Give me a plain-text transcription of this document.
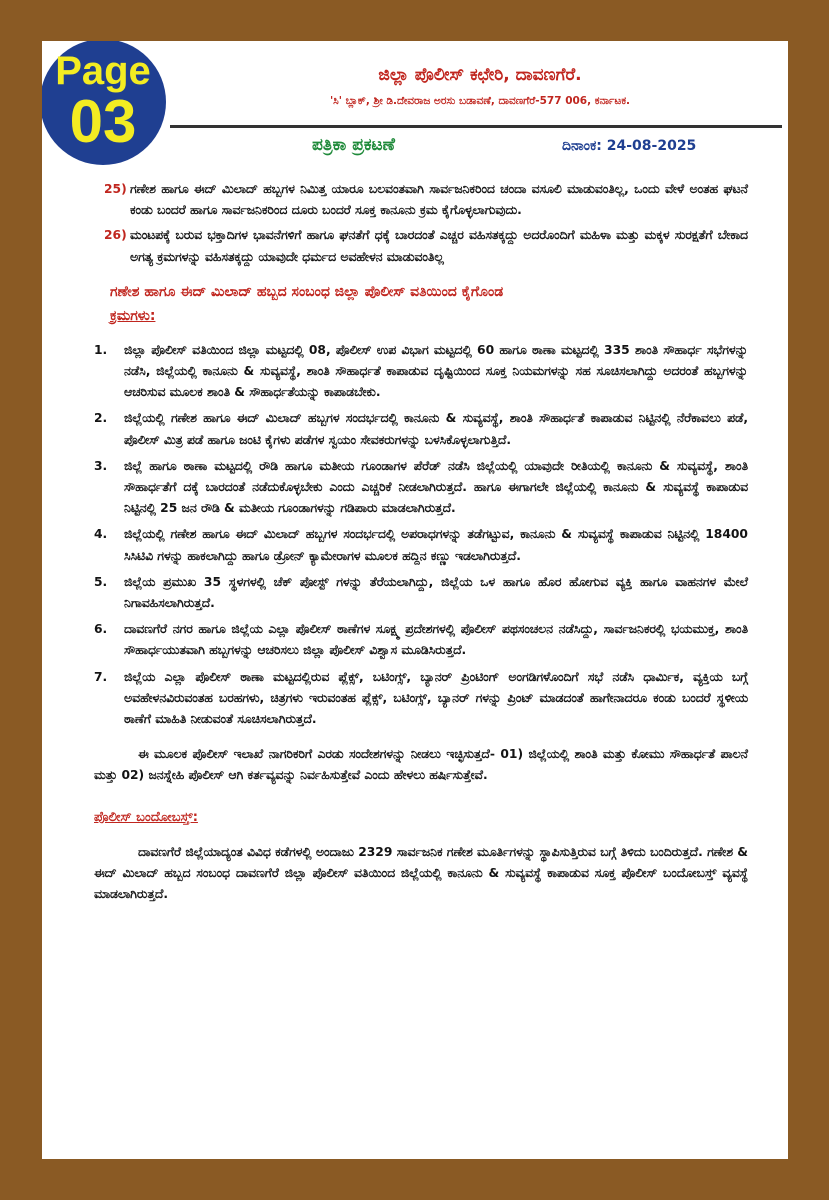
Page
03
ಜಿಲ್ಲಾ ಪೊಲೀಸ್ ಕಛೇರಿ, ದಾವಣಗೆರೆ.
'ಸಿ' ಬ್ಲಾಕ್, ಶ್ರೀ ಡಿ.ದೇವರಾಜ ಅರಸು ಬಡಾವಣೆ, ದಾವಣಗೆರೆ-577 006, ಕರ್ನಾಟಕ.
ಪತ್ರಿಕಾ ಪ್ರಕಟಣೆ	ದಿನಾಂಕ: 24-08-2025
25) ಗಣೇಶ ಹಾಗೂ ಈದ್ ಮಿಲಾದ್ ಹಬ್ಬಗಳ ನಿಮಿತ್ತ ಯಾರೂ ಬಲವಂತವಾಗಿ ಸಾರ್ವಜನಿಕರಿಂದ ಚಂದಾ ವಸೂಲಿ ಮಾಡುವಂತಿಲ್ಲ, ಒಂದು ವೇಳೆ ಅಂತಹ ಘಟನೆ ಕಂಡು ಬಂದರೆ ಹಾಗೂ ಸಾರ್ವಜನಿಕರಿಂದ ದೂರು ಬಂದರೆ ಸೂಕ್ತ ಕಾನೂನು ಕ್ರಮ ಕೈಗೊಳ್ಳಲಾಗುವುದು.
26) ಮಂಟಪಕ್ಕೆ ಬರುವ ಭಕ್ತಾದಿಗಳ ಭಾವನೆಗಳಿಗೆ ಹಾಗೂ ಘನತೆಗೆ ಧಕ್ಕೆ ಬಾರದಂತೆ ಎಚ್ಚರ ವಹಿಸತಕ್ಕದ್ದು ಅದರೊಂದಿಗೆ ಮಹಿಳಾ ಮತ್ತು ಮಕ್ಕಳ ಸುರಕ್ಷತೆಗೆ ಬೇಕಾದ ಅಗತ್ಯ ಕ್ರಮಗಳನ್ನು ವಹಿಸತಕ್ಕದ್ದು ಯಾವುದೇ ಧರ್ಮದ ಅವಹೇಳನ ಮಾಡುವಂತಿಲ್ಲ
ಗಣೇಶ ಹಾಗೂ ಈದ್ ಮಿಲಾದ್ ಹಬ್ಬದ ಸಂಬಂಧ ಜಿಲ್ಲಾ ಪೊಲೀಸ್ ವತಿಯಿಂದ ಕೈಗೊಂಡ
ಕ್ರಮಗಳು:
1.	ಜಿಲ್ಲಾ ಪೊಲೀಸ್ ವತಿಯಿಂದ ಜಿಲ್ಲಾ ಮಟ್ಟದಲ್ಲಿ 08, ಪೊಲೀಸ್ ಉಪ ವಿಭಾಗ ಮಟ್ಟದಲ್ಲಿ 60 ಹಾಗೂ ಠಾಣಾ ಮಟ್ಟದಲ್ಲಿ 335 ಶಾಂತಿ ಸೌಹಾರ್ಧ ಸಭೆಗಳನ್ನು ನಡೆಸಿ, ಜಿಲ್ಲೆಯಲ್ಲಿ ಕಾನೂನು & ಸುವ್ಯವಸ್ಥೆ, ಶಾಂತಿ ಸೌಹಾರ್ಧತೆ ಕಾಪಾಡುವ ದೃಷ್ಟಿಯಿಂದ ಸೂಕ್ತ ನಿಯಮಗಳನ್ನು ಸಹ ಸೂಚಿಸಲಾಗಿದ್ದು ಅದರಂತೆ ಹಬ್ಬಗಳನ್ನು ಆಚರಿಸುವ ಮೂಲಕ ಶಾಂತಿ & ಸೌಹಾರ್ಧತೆಯನ್ನು ಕಾಪಾಡಬೇಕು.
2.	ಜಿಲ್ಲೆಯಲ್ಲಿ ಗಣೇಶ ಹಾಗೂ ಈದ್ ಮಿಲಾದ್ ಹಬ್ಬಗಳ ಸಂದರ್ಭದಲ್ಲಿ ಕಾನೂನು & ಸುವ್ಯವಸ್ಥೆ, ಶಾಂತಿ ಸೌಹಾರ್ಧತೆ ಕಾಪಾಡುವ ನಿಟ್ಟಿನಲ್ಲಿ ನೆರೆಕಾವಲು ಪಡೆ, ಪೊಲೀಸ್ ಮಿತ್ರ ಪಡೆ ಹಾಗೂ ಜಂಟಿ ಕೈಗಳು ಪಡೆಗಳ ಸ್ವಯಂ ಸೇವಕರುಗಳನ್ನು ಬಳಸಿಕೊಳ್ಳಲಾಗುತ್ತಿದೆ.
3.	ಜಿಲ್ಲೆ ಹಾಗೂ ಠಾಣಾ ಮಟ್ಟದಲ್ಲಿ ರೌಡಿ ಹಾಗೂ ಮತೀಯ ಗೂಂಡಾಗಳ ಪೆರೆಡ್ ನಡೆಸಿ ಜಿಲ್ಲೆಯಲ್ಲಿ ಯಾವುದೇ ರೀತಿಯಲ್ಲಿ ಕಾನೂನು & ಸುವ್ಯವಸ್ಥೆ, ಶಾಂತಿ ಸೌಹಾರ್ಧತೆಗೆ ದಕ್ಕೆ ಬಾರದಂತೆ ನಡೆದುಕೊಳ್ಳಬೇಕು ಎಂದು ಎಚ್ಚರಿಕೆ ನೀಡಲಾಗಿರುತ್ತದೆ. ಹಾಗೂ ಈಗಾಗಲೇ ಜಿಲ್ಲೆಯಲ್ಲಿ ಕಾನೂನು & ಸುವ್ಯವಸ್ಥೆ ಕಾಪಾಡುವ ನಿಟ್ಟಿನಲ್ಲಿ 25 ಜನ ರೌಡಿ & ಮತೀಯ ಗೂಂಡಾಗಳನ್ನು ಗಡಿಪಾರು ಮಾಡಲಾಗಿರುತ್ತದೆ.
4.	ಜಿಲ್ಲೆಯಲ್ಲಿ ಗಣೇಶ ಹಾಗೂ ಈದ್ ಮಿಲಾದ್ ಹಬ್ಬಗಳ ಸಂದರ್ಭದಲ್ಲಿ ಅಪರಾಧಗಳನ್ನು ತಡೆಗಟ್ಟುವ, ಕಾನೂನು & ಸುವ್ಯವಸ್ಥೆ ಕಾಪಾಡುವ ನಿಟ್ಟಿನಲ್ಲಿ 18400 ಸಿಸಿಟಿವಿ ಗಳನ್ನು ಹಾಕಲಾಗಿದ್ದು ಹಾಗೂ ಡ್ರೋನ್ ಕ್ಯಾಮೇರಾಗಳ ಮೂಲಕ ಹದ್ದಿನ ಕಣ್ಣು ಇಡಲಾಗಿರುತ್ತದೆ.
5.	ಜಿಲ್ಲೆಯ ಪ್ರಮುಖ 35 ಸ್ಥಳಗಳಲ್ಲಿ ಚೆಕ್ ಪೋಸ್ಟ್ ಗಳನ್ನು ತೆರೆಯಲಾಗಿದ್ದು, ಜಿಲ್ಲೆಯ ಒಳ ಹಾಗೂ ಹೊರ ಹೋಗುವ ವ್ಯಕ್ತಿ ಹಾಗೂ ವಾಹನಗಳ ಮೇಲೆ ನಿಗಾವಹಿಸಲಾಗಿರುತ್ತದೆ.
6.	ದಾವಣಗೆರೆ ನಗರ ಹಾಗೂ ಜಿಲ್ಲೆಯ ಎಲ್ಲಾ ಪೊಲೀಸ್ ಠಾಣೆಗಳ ಸೂಕ್ಷ್ಮ ಪ್ರದೇಶಗಳಲ್ಲಿ ಪೊಲೀಸ್ ಪಥಸಂಚಲನ ನಡೆಸಿದ್ದು, ಸಾರ್ವಜನಿಕರಲ್ಲಿ ಭಯಮುಕ್ತ, ಶಾಂತಿ ಸೌಹಾರ್ಧಯುತವಾಗಿ ಹಬ್ಬಗಳನ್ನು ಆಚರಿಸಲು ಜಿಲ್ಲಾ ಪೊಲೀಸ್ ವಿಶ್ವಾಸ ಮೂಡಿಸಿರುತ್ತದೆ.
7.	ಜಿಲ್ಲೆಯ ಎಲ್ಲಾ ಪೊಲೀಸ್ ಠಾಣಾ ಮಟ್ಟದಲ್ಲಿರುವ ಪ್ಲೆಕ್ಸ್, ಬಟಿಂಗ್ಸ್, ಬ್ಯಾನರ್ ಪ್ರಿಂಟಿಂಗ್ ಅಂಗಡಿಗಳೊಂದಿಗೆ ಸಭೆ ನಡೆಸಿ ಧಾರ್ಮಿಕ, ವ್ಯಕ್ತಿಯ ಬಗ್ಗೆ ಅವಹೇಳನವಿರುವಂತಹ ಬರಹಗಳು, ಚಿತ್ರಗಳು ಇರುವಂತಹ ಪ್ಲೆಕ್ಸ್, ಬಟಿಂಗ್ಸ್, ಬ್ಯಾನರ್ ಗಳನ್ನು ಪ್ರಿಂಟ್ ಮಾಡದಂತೆ ಹಾಗೇನಾದರೂ ಕಂಡು ಬಂದರೆ ಸ್ಥಳೀಯ ಠಾಣೆಗೆ ಮಾಹಿತಿ ನೀಡುವಂತೆ ಸೂಚಿಸಲಾಗಿರುತ್ತದೆ.
ಈ ಮೂಲಕ ಪೊಲೀಸ್ ಇಲಾಖೆ ನಾಗರಿಕರಿಗೆ ಎರಡು ಸಂದೇಶಗಳನ್ನು ನೀಡಲು ಇಚ್ಛಿಸುತ್ತದೆ- 01) ಜಿಲ್ಲೆಯಲ್ಲಿ ಶಾಂತಿ ಮತ್ತು ಕೋಮು ಸೌಹಾರ್ಧತೆ ಪಾಲನೆ ಮತ್ತು 02) ಜನಸ್ನೇಹಿ ಪೊಲೀಸ್ ಆಗಿ ಕರ್ತವ್ಯವನ್ನು ನಿರ್ವಹಿಸುತ್ತೇವೆ ಎಂದು ಹೇಳಲು ಹರ್ಷಿಸುತ್ತೇವೆ.
ಪೊಲೀಸ್ ಬಂದೋಬಸ್ತ್:
ದಾವಣಗೆರೆ ಜಿಲ್ಲೆಯಾದ್ಯಂತ ವಿವಿಧ ಕಡೆಗಳಲ್ಲಿ ಅಂದಾಜು 2329 ಸಾರ್ವಜನಿಕ ಗಣೇಶ ಮೂರ್ತಿಗಳನ್ನು ಸ್ಥಾಪಿಸುತ್ತಿರುವ ಬಗ್ಗೆ ತಿಳಿದು ಬಂದಿರುತ್ತದೆ. ಗಣೇಶ & ಈದ್ ಮಿಲಾದ್ ಹಬ್ಬದ ಸಂಬಂಧ ದಾವಣಗೆರೆ ಜಿಲ್ಲಾ ಪೊಲೀಸ್ ವತಿಯಿಂದ ಜಿಲ್ಲೆಯಲ್ಲಿ ಕಾನೂನು & ಸುವ್ಯವಸ್ಥೆ ಕಾಪಾಡುವ ಸೂಕ್ತ ಪೊಲೀಸ್ ಬಂದೋಬಸ್ತ್ ವ್ಯವಸ್ಥೆ ಮಾಡಲಾಗಿರುತ್ತದೆ.
